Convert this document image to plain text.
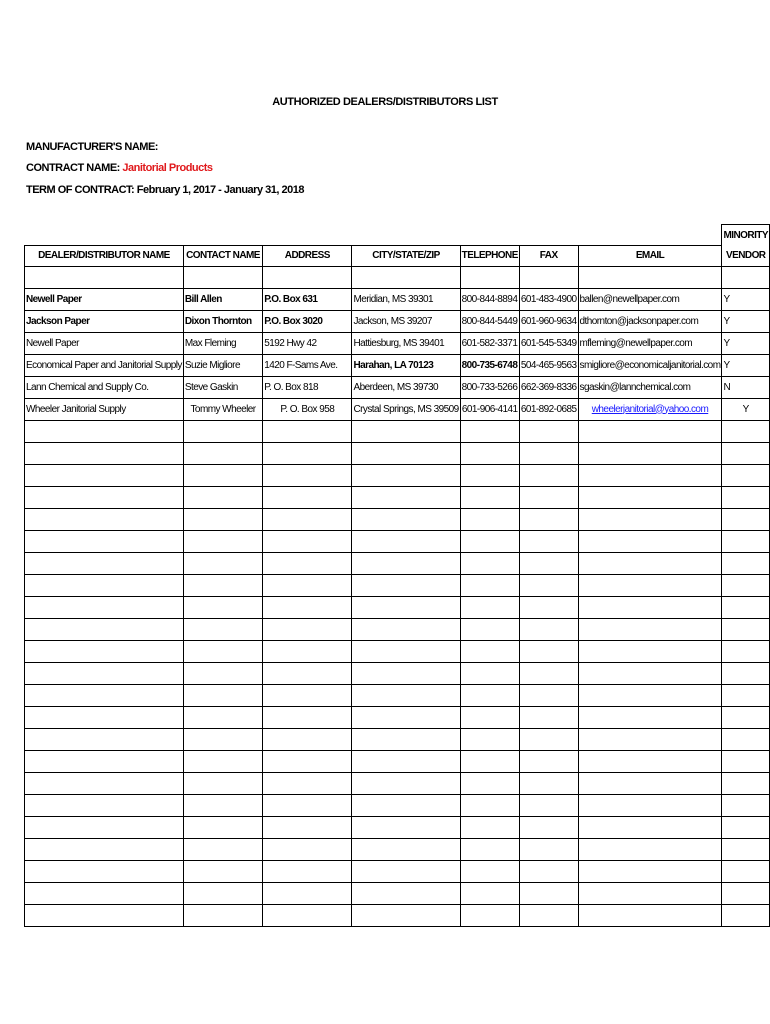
AUTHORIZED DEALERS/DISTRIBUTORS LIST
MANUFACTURER'S NAME:
CONTRACT NAME: Janitorial Products
TERM OF CONTRACT: February 1, 2017 - January 31, 2018
							MINORITY
DEALER/DISTRIBUTOR NAME	CONTACT NAME	ADDRESS	CITY/STATE/ZIP	TELEPHONE	FAX	EMAIL	VENDOR

Newell Paper	Bill Allen	P.O. Box 631	Meridian, MS 39301	800-844-8894	601-483-4900	ballen@newellpaper.com	Y
Jackson Paper	Dixon Thornton	P.O. Box 3020	Jackson, MS 39207	800-844-5449	601-960-9634	dthornton@jacksonpaper.com	Y
Newell Paper	Max Fleming	5192 Hwy 42	Hattiesburg, MS 39401	601-582-3371	601-545-5349	mfleming@newellpaper.com	Y
Economical Paper and Janitorial Supply	Suzie Migliore	1420 F-Sams Ave.	Harahan, LA 70123	800-735-6748	504-465-9563	smigliore@economicaljanitorial.com	Y
Lann Chemical and Supply Co.	Steve Gaskin	P. O. Box 818	Aberdeen, MS 39730	800-733-5266	662-369-8336	sgaskin@lannchemical.com	N
Wheeler Janitorial Supply	Tommy Wheeler	P. O. Box 958	Crystal Springs, MS 39509	601-906-4141	601-892-0685	wheelerjanitorial@yahoo.com	Y
